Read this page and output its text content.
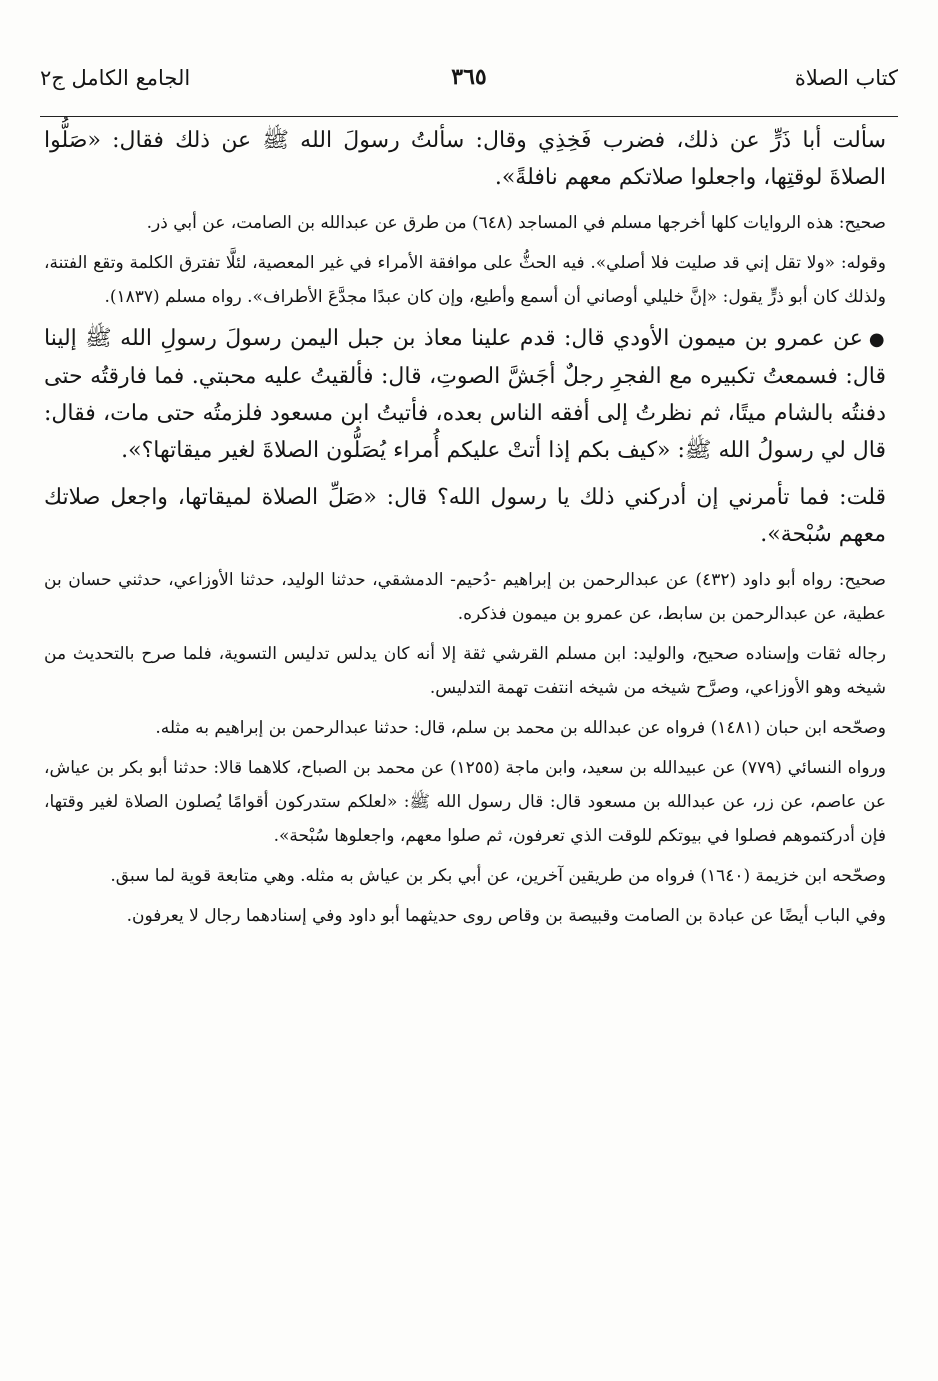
كتاب الصلاة
٣٦٥
الجامع الكامل ج٢

سألت أبا ذَرٍّ عن ذلك، فضرب فَخِذِي وقال: سألتُ رسولَ الله ﷺ عن ذلك فقال: «صَلُّوا الصلاةَ لوقتِها، واجعلوا صلاتكم معهم نافلةً».

صحيح: هذه الروايات كلها أخرجها مسلم في المساجد (٦٤٨) من طرق عن عبدالله بن الصامت، عن أبي ذر.

وقوله: «ولا تقل إني قد صليت فلا أصلي». فيه الحثُّ على موافقة الأمراء في غير المعصية، لئلَّا تفترق الكلمة وتقع الفتنة، ولذلك كان أبو ذرٍّ يقول: «إنَّ خليلي أوصاني أن أسمع وأطيع، وإن كان عبدًا مجدَّعَ الأطراف». رواه مسلم (١٨٣٧).

●عن عمرو بن ميمون الأودي قال: قدم علينا معاذ بن جبل اليمن رسولَ رسولِ الله ﷺ إلينا قال: فسمعتُ تكبيره مع الفجرِ رجلٌ أجَشَّ الصوتِ، قال: فألقيتُ عليه محبتي. فما فارقتُه حتى دفنتُه بالشام ميتًا، ثم نظرتُ إلى أفقه الناس بعده، فأتيتُ ابن مسعود فلزمتُه حتى مات، فقال: قال لي رسولُ الله ﷺ: «كيف بكم إذا أتتْ عليكم أُمراء يُصَلُّون الصلاةَ لغير ميقاتها؟».

قلت: فما تأمرني إن أدركني ذلك يا رسول الله؟ قال: «صَلِّ الصلاة لميقاتها، واجعل صلاتك معهم سُبْحة».

صحيح: رواه أبو داود (٤٣٢) عن عبدالرحمن بن إبراهيم -دُحيم- الدمشقي، حدثنا الوليد، حدثنا الأوزاعي، حدثني حسان بن عطية، عن عبدالرحمن بن سابط، عن عمرو بن ميمون فذكره.

رجاله ثقات وإسناده صحيح، والوليد: ابن مسلم القرشي ثقة إلا أنه كان يدلس تدليس التسوية، فلما صرح بالتحديث من شيخه وهو الأوزاعي، وصرَّح شيخه من شيخه انتفت تهمة التدليس.

وصحّحه ابن حبان (١٤٨١) فرواه عن عبدالله بن محمد بن سلم، قال: حدثنا عبدالرحمن بن إبراهيم به مثله.

ورواه النسائي (٧٧٩) عن عبيدالله بن سعيد، وابن ماجة (١٢٥٥) عن محمد بن الصباح، كلاهما قالا: حدثنا أبو بكر بن عياش، عن عاصم، عن زر، عن عبدالله بن مسعود قال: قال رسول الله ﷺ: «لعلكم ستدركون أقوامًا يُصلون الصلاة لغير وقتها، فإن أدركتموهم فصلوا في بيوتكم للوقت الذي تعرفون، ثم صلوا معهم، واجعلوها سُبْحة».

وصحّحه ابن خزيمة (١٦٤٠) فرواه من طريقين آخرين، عن أبي بكر بن عياش به مثله. وهي متابعة قوية لما سبق.

وفي الباب أيضًا عن عبادة بن الصامت وقبيصة بن وقاص روى حديثهما أبو داود وفي إسنادهما رجال لا يعرفون.
